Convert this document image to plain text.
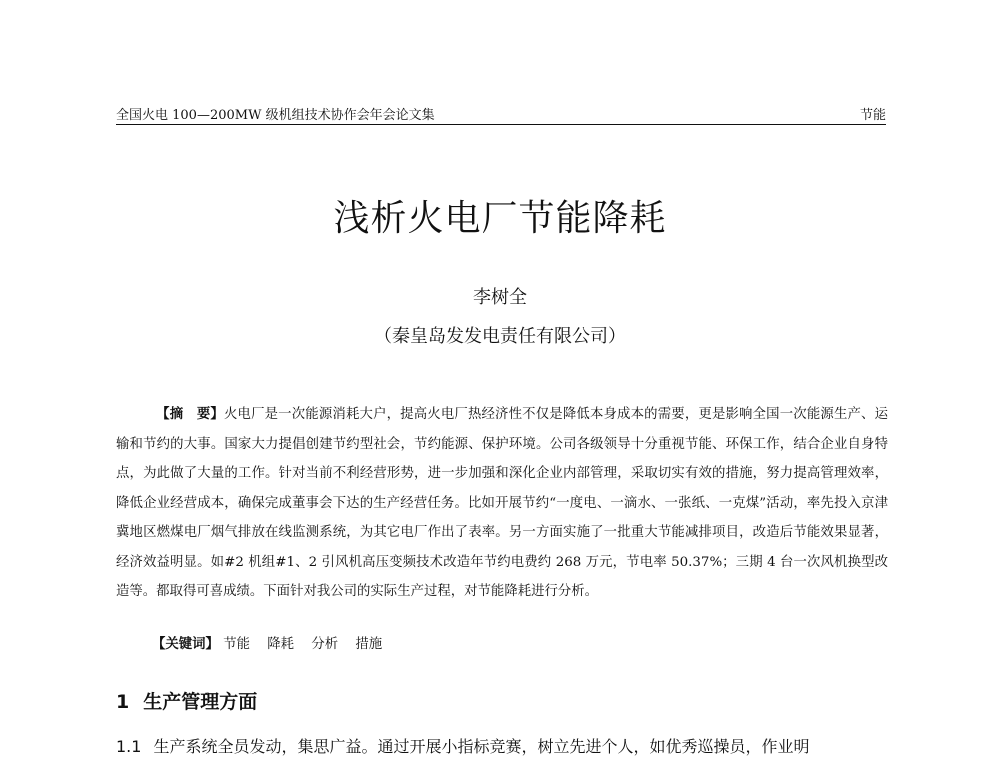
全国火电 100—200MW 级机组技术协作会年会论文集	节能
浅析火电厂节能降耗
李树全
（秦皇岛发发电责任有限公司）
【摘　要】火电厂是一次能源消耗大户，提高火电厂热经济性不仅是降低本身成本的需要，更是影响全国一次能源生产、运输和节约的大事。国家大力提倡创建节约型社会，节约能源、保护环境。公司各级领导十分重视节能、环保工作，结合企业自身特点，为此做了大量的工作。针对当前不利经营形势，进一步加强和深化企业内部管理，采取切实有效的措施，努力提高管理效率，降低企业经营成本，确保完成董事会下达的生产经营任务。比如开展节约“一度电、一滴水、一张纸、一克煤”活动，率先投入京津冀地区燃煤电厂烟气排放在线监测系统，为其它电厂作出了表率。另一方面实施了一批重大节能减排项目，改造后节能效果显著，经济效益明显。如#2 机组#1、2 引风机高压变频技术改造年节约电费约 268 万元，节电率 50.37%；三期 4 台一次风机换型改造等。都取得可喜成绩。下面针对我公司的实际生产过程，对节能降耗进行分析。
【关键词】 节能 降耗 分析 措施
1 生产管理方面
1.1 生产系统全员发动，集思广益。通过开展小指标竞赛，树立先进个人，如优秀巡操员，作业明
